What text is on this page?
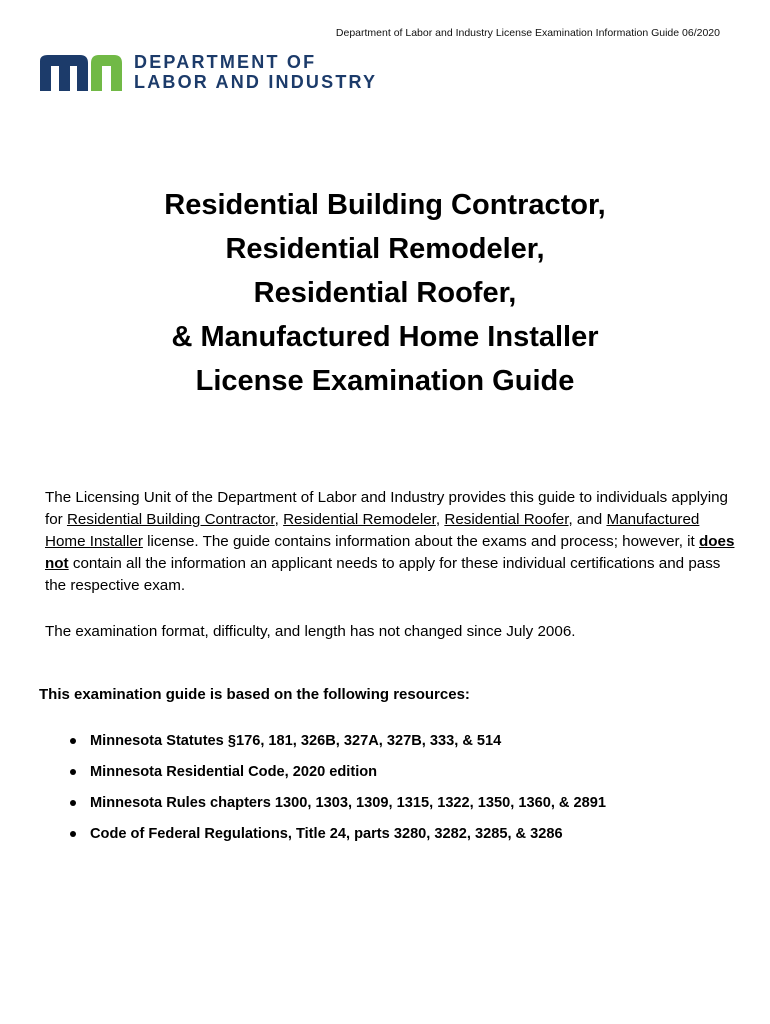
Department of Labor and Industry License Examination Information Guide 06/2020
DEPARTMENT OF
LABOR AND INDUSTRY
Residential Building Contractor,
Residential Remodeler,
Residential Roofer,
& Manufactured Home Installer
License Examination Guide

The Licensing Unit of the Department of Labor and Industry provides this guide to individuals applying for Residential Building Contractor, Residential Remodeler, Residential Roofer, and Manufactured Home Installer license. The guide contains information about the exams and process; however, it does not contain all the information an applicant needs to apply for these individual certifications and pass the respective exam.

The examination format, difficulty, and length has not changed since July 2006.
This examination guide is based on the following resources:
Minnesota Statutes §176, 181, 326B, 327A, 327B, 333, & 514
Minnesota Residential Code, 2020 edition
Minnesota Rules chapters 1300, 1303, 1309, 1315, 1322, 1350, 1360, & 2891
Code of Federal Regulations, Title 24, parts 3280, 3282, 3285, & 3286
